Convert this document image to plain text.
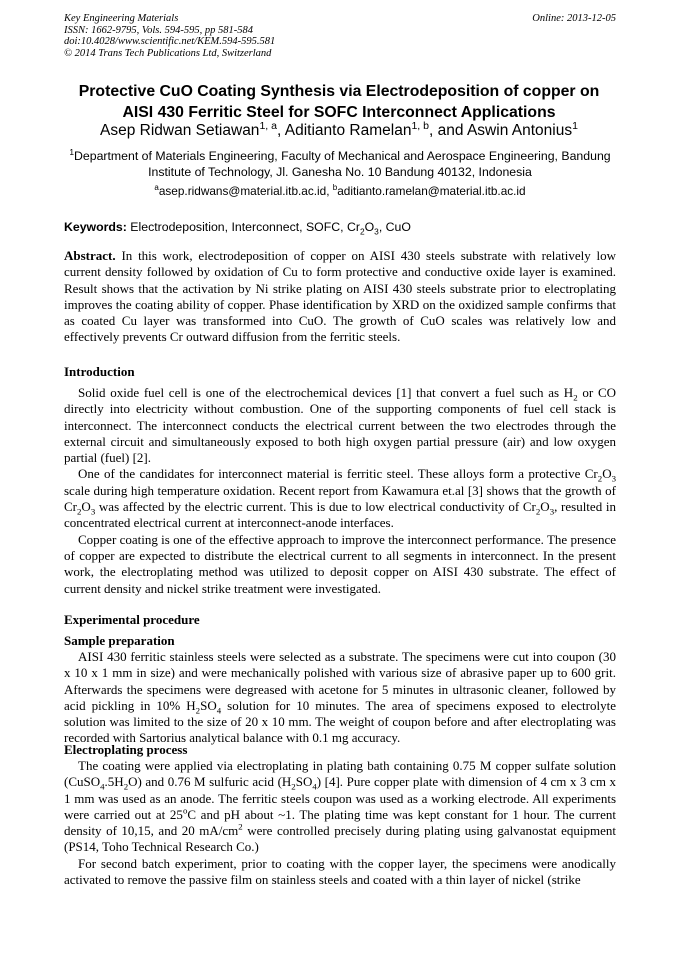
Key Engineering Materials
ISSN: 1662-9795, Vols. 594-595, pp 581-584
doi:10.4028/www.scientific.net/KEM.594-595.581
© 2014 Trans Tech Publications Ltd, Switzerland
Online: 2013-12-05
Protective CuO Coating Synthesis via Electrodeposition of copper on
AISI 430 Ferritic Steel for SOFC Interconnect Applications
Asep Ridwan Setiawan$^{1, a}$, Aditianto Ramelan$^{1, b}$, and Aswin Antonius$^1$
$^1$Department of Materials Engineering, Faculty of Mechanical and Aerospace Engineering, Bandung Institute of Technology, Jl. Ganesha No. 10 Bandung 40132, Indonesia
$^a$asep.ridwans@material.itb.ac.id, $^b$aditianto.ramelan@material.itb.ac.id
Keywords: Electrodeposition, Interconnect, SOFC, $Cr_2O_3$, CuO

Abstract. In this work, electrodeposition of copper on AISI 430 steels substrate with relatively low current density followed by oxidation of Cu to form protective and conductive oxide layer is examined. Result shows that the activation by Ni strike plating on AISI 430 steels substrate prior to electroplating improves the coating ability of copper. Phase identification by XRD on the oxidized sample confirms that as coated Cu layer was transformed into CuO. The growth of CuO scales was relatively low and effectively prevents Cr outward diffusion from the ferritic steels.

Introduction

Solid oxide fuel cell is one of the electrochemical devices [1] that convert a fuel such as $H_2$ or CO directly into electricity without combustion. One of the supporting components of fuel cell stack is interconnect. The interconnect conducts the electrical current between the two electrodes through the external circuit and simultaneously exposed to both high oxygen partial pressure (air) and low oxygen partial (fuel) [2].

One of the candidates for interconnect material is ferritic steel. These alloys form a protective $Cr_2O_3$ scale during high temperature oxidation. Recent report from Kawamura et.al [3] shows that the growth of $Cr_2O_3$ was affected by the electric current. This is due to low electrical conductivity of $Cr_2O_3$, resulted in concentrated electrical current at interconnect-anode interfaces.

Copper coating is one of the effective approach to improve the interconnect performance. The presence of copper are expected to distribute the electrical current to all segments in interconnect. In the present work, the electroplating method was utilized to deposit copper on AISI 430 substrate. The effect of current density and nickel strike treatment were investigated.

Experimental procedure
Sample preparation

AISI 430 ferritic stainless steels were selected as a substrate. The specimens were cut into coupon (30 x 10 x 1 mm in size) and were mechanically polished with various size of abrasive paper up to 600 grit. Afterwards the specimens were degreased with acetone for 5 minutes in ultrasonic cleaner, followed by acid pickling in 10% $H_2SO_4$ solution for 10 minutes. The area of specimens exposed to electrolyte solution was limited to the size of 20 x 10 mm. The weight of coupon before and after electroplating was recorded with Sartorius analytical balance with 0.1 mg accuracy.

Electroplating process

The coating were applied via electroplating in plating bath containing 0.75 M copper sulfate solution $(CuSO_4.5H_2O)$ and 0.76 M sulfuric acid $(H_2SO_4)$ [4]. Pure copper plate with dimension of 4 cm x 3 cm x 1 mm was used as an anode. The ferritic steels coupon was used as a working electrode. All experiments were carried out at 25$^o$C and pH about ~1. The plating time was kept constant for 1 hour. The current density of 10,15, and 20 $mA/cm^2$ were controlled precisely during plating using galvanostat equipment (PS14, Toho Technical Research Co.)

For second batch experiment, prior to coating with the copper layer, the specimens were anodically activated to remove the passive film on stainless steels and coated with a thin layer of nickel (strike
